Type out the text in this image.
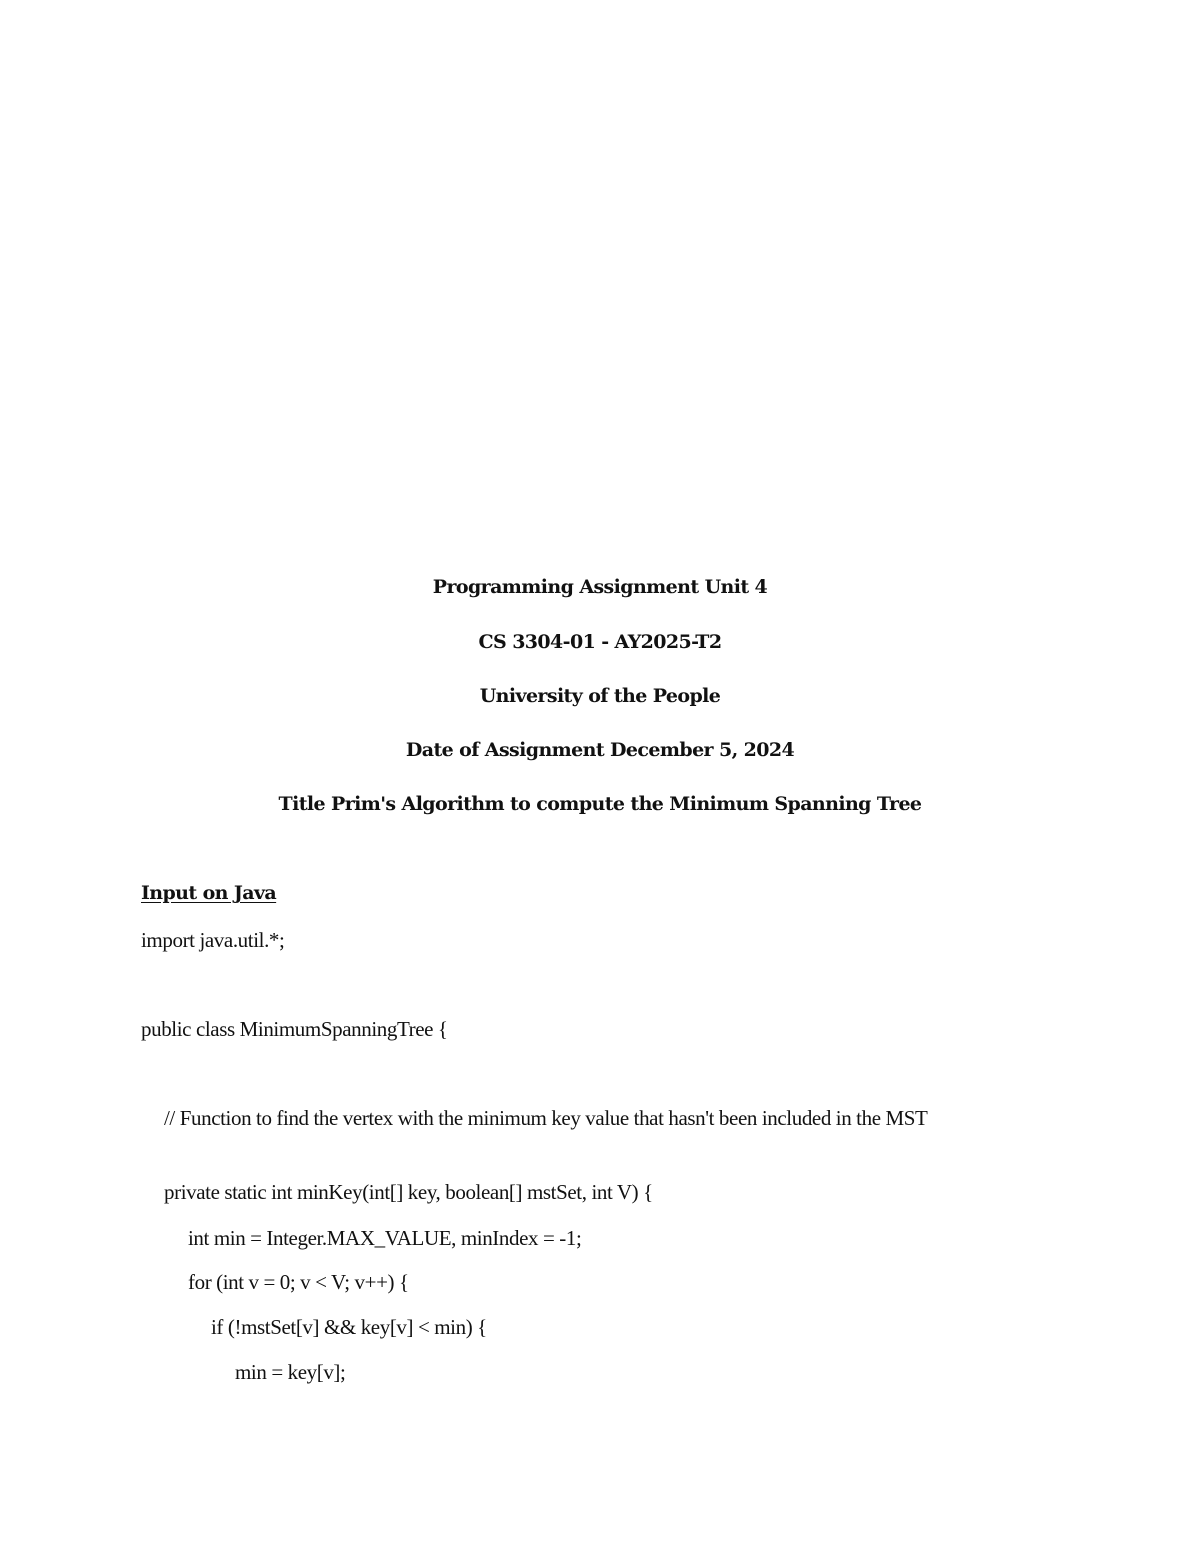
Programming Assignment Unit 4
CS 3304-01 - AY2025-T2
University of the People
Date of Assignment December 5, 2024
Title Prim's Algorithm to compute the Minimum Spanning Tree
Input on Java
import java.util.*;
public class MinimumSpanningTree {
// Function to find the vertex with the minimum key value that hasn't been included in the MST
private static int minKey(int[] key, boolean[] mstSet, int V) {
int min = Integer.MAX_VALUE, minIndex = -1;
for (int v = 0; v < V; v++) {
if (!mstSet[v] && key[v] < min) {
min = key[v];
